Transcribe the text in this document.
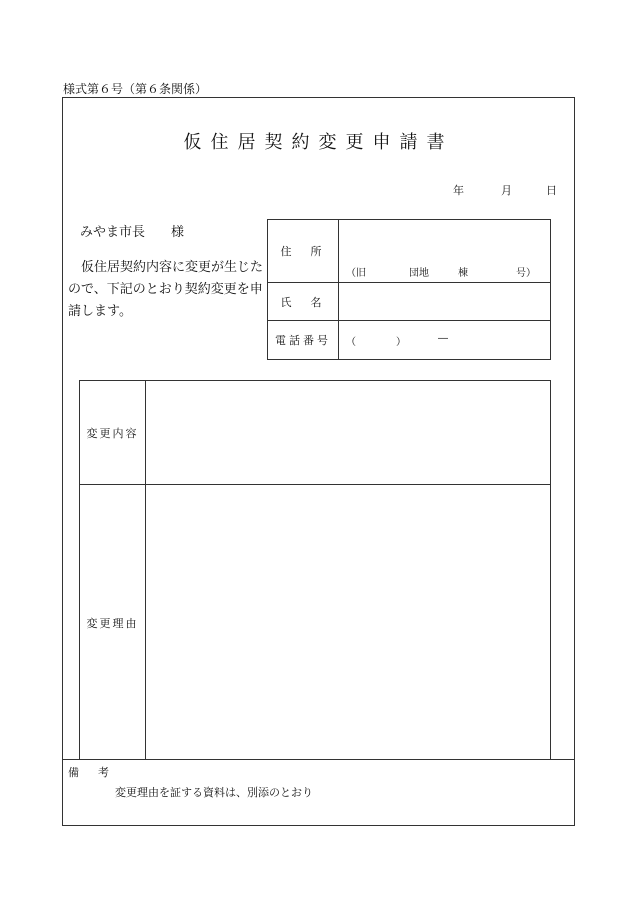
様式第６号（第６条関係）
仮住居契約変更申請書
年	月	日
みやま市長　　様
仮住居契約内容に変更が生じたので、下記のとおり契約変更を申請します。
住　所
（旧	団地	棟	号）
氏　名
電話番号	（	）	―
変更内容
変更理由
備　考
変更理由を証する資料は、別添のとおり
